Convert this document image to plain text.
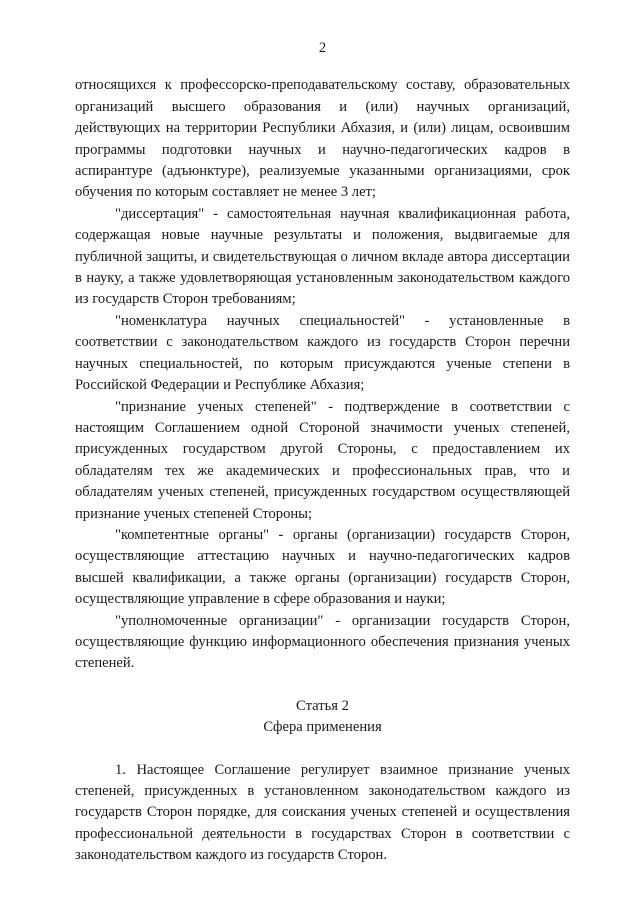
2

относящихся к профессорско-преподавательскому составу, образовательных организаций высшего образования и (или) научных организаций, действующих на территории Республики Абхазия, и (или) лицам, освоившим программы подготовки научных и научно-педагогических кадров в аспирантуре (адъюнктуре), реализуемые указанными организациями, срок обучения по которым составляет не менее 3 лет;

"диссертация" - самостоятельная научная квалификационная работа, содержащая новые научные результаты и положения, выдвигаемые для публичной защиты, и свидетельствующая о личном вкладе автора диссертации в науку, а также удовлетворяющая установленным законодательством каждого из государств Сторон требованиям;

"номенклатура научных специальностей" - установленные в соответствии с законодательством каждого из государств Сторон перечни научных специальностей, по которым присуждаются ученые степени в Российской Федерации и Республике Абхазия;

"признание ученых степеней" - подтверждение в соответствии с настоящим Соглашением одной Стороной значимости ученых степеней, присужденных государством другой Стороны, с предоставлением их обладателям тех же академических и профессиональных прав, что и обладателям ученых степеней, присужденных государством осуществляющей признание ученых степеней Стороны;

"компетентные органы" - органы (организации) государств Сторон, осуществляющие аттестацию научных и научно-педагогических кадров высшей квалификации, а также органы (организации) государств Сторон, осуществляющие управление в сфере образования и науки;

"уполномоченные организации" - организации государств Сторон, осуществляющие функцию информационного обеспечения признания ученых степеней.

Статья 2
Сфера применения

1. Настоящее Соглашение регулирует взаимное признание ученых степеней, присужденных в установленном законодательством каждого из государств Сторон порядке, для соискания ученых степеней и осуществления профессиональной деятельности в государствах Сторон в соответствии с законодательством каждого из государств Сторон.
